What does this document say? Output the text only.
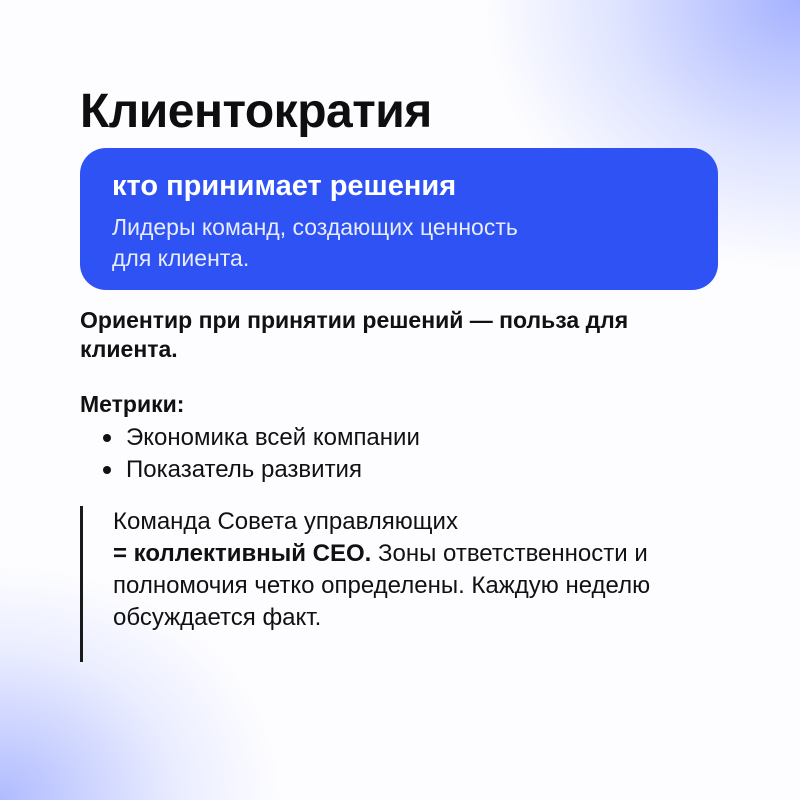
Клиентократия

кто принимает решения

Лидеры команд, создающих ценность для клиента.

Ориентир при принятии решений — польза для клиента.

Метрики:

Экономика всей компании
Показатель развития

Команда Совета управляющих
= коллективный CEO. Зоны ответственности и полномочия четко определены. Каждую неделю обсуждается факт.
